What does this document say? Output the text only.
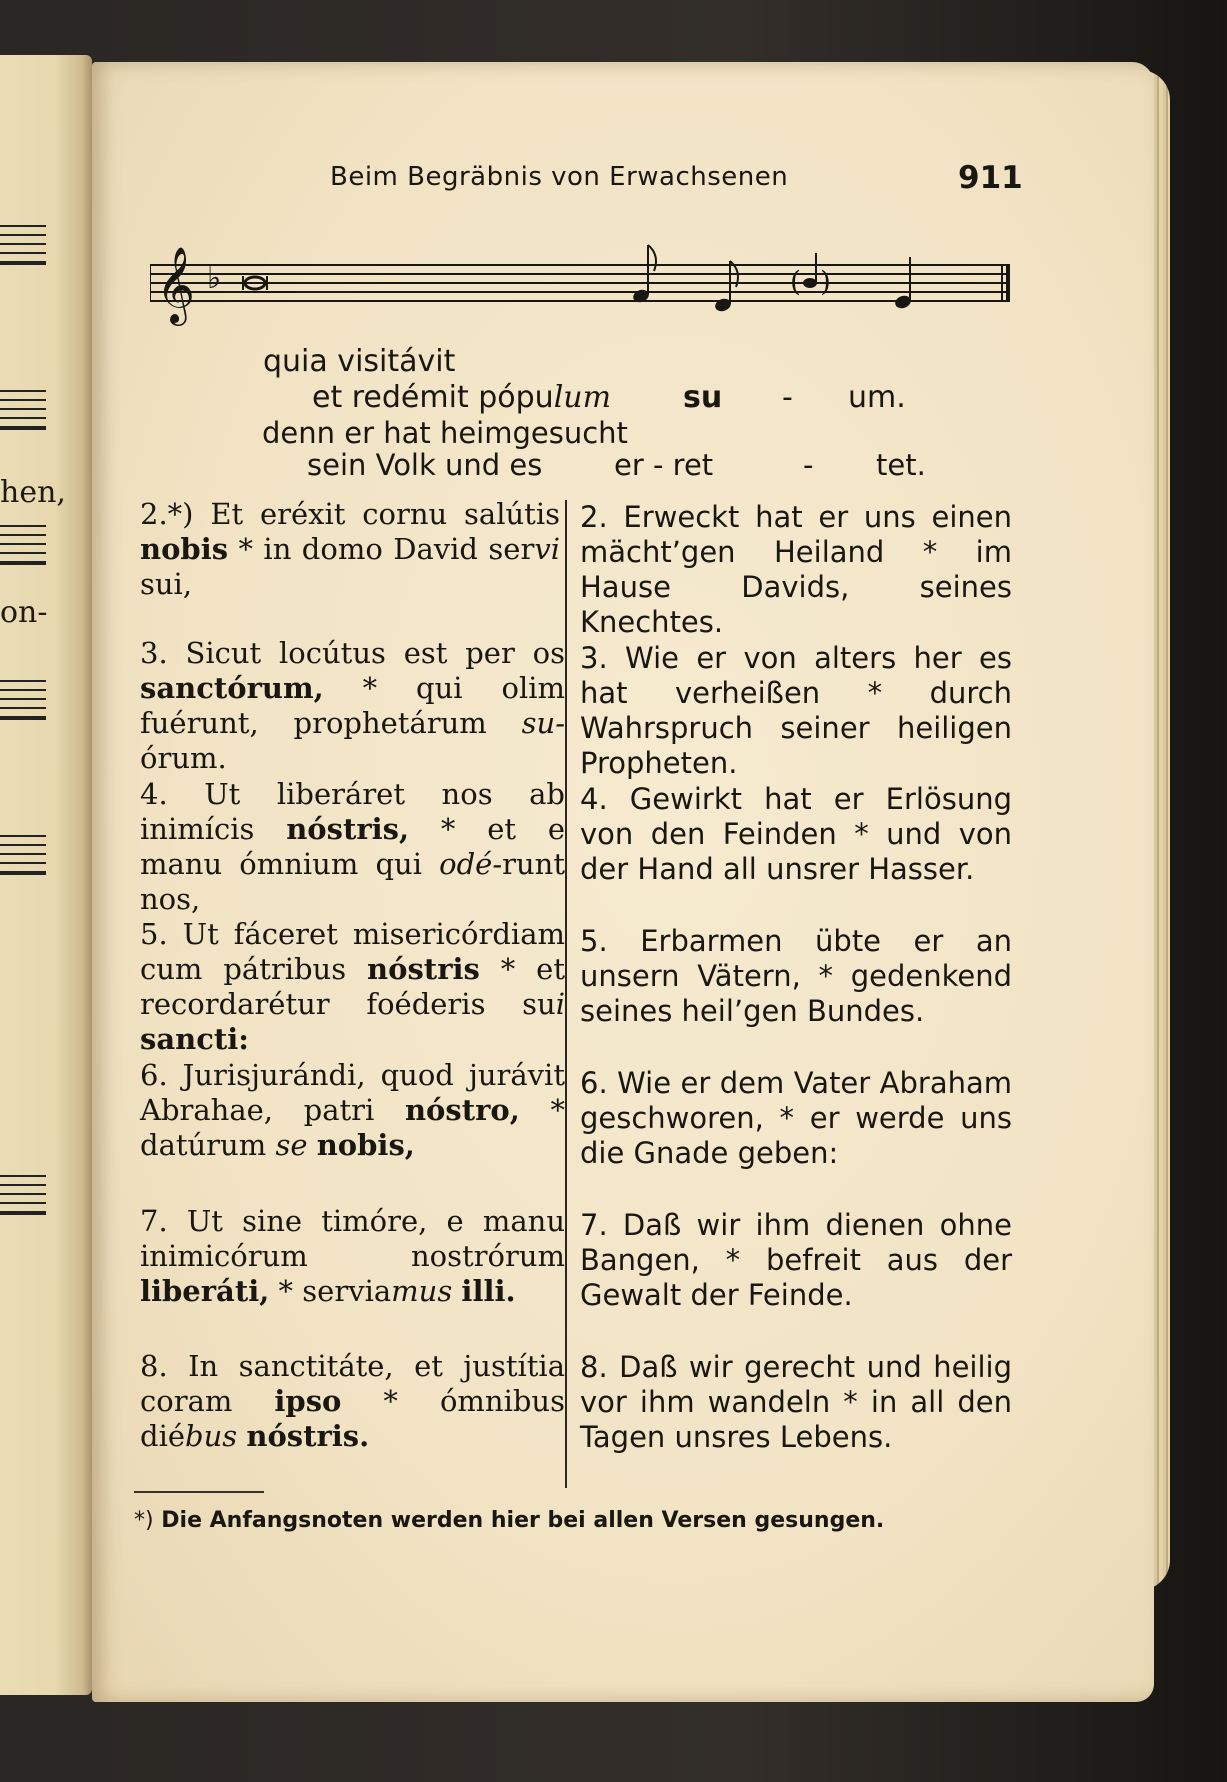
hen,
on-
Beim Begräbnis von Erwachsenen	911
𝄞 ♭	( )
quia visitávit
et redémit pópulum su - um.
denn er hat heimgesucht
sein Volk und es er - ret	- tet.

2.*) Et eréxit cornu salútis nobis * in domo David servi sui,

3. Sicut locútus est per os sanctórum, * qui olim fuérunt, prophetárum su-órum.

4. Ut liberáret nos ab inimícis nóstris, * et e manu ómnium qui odé-runt nos,

5. Ut fáceret misericórdiam cum pátribus nóstris * et recordarétur foéderis sui sancti:

6. Jurisjurándi, quod jurávit Abrahae, patri nóstro, * datúrum se nobis,

7. Ut sine timóre, e manu inimicórum nostrórum liberáti, * serviamus illi.

8. In sanctitáte, et justítia coram ipso * ómnibus diébus nóstris.

2. Erweckt hat er uns einen mächt’gen Heiland * im Hause Davids, seines Knechtes.

3. Wie er von alters her es hat verheißen * durch Wahrspruch seiner heiligen Propheten.

4. Gewirkt hat er Erlösung von den Feinden * und von der Hand all unsrer Hasser.

5. Erbarmen übte er an unsern Vätern, * gedenkend seines heil’gen Bundes.

6. Wie er dem Vater Abraham geschworen, * er werde uns die Gnade geben:

7. Daß wir ihm dienen ohne Bangen, * befreit aus der Gewalt der Feinde.

8. Daß wir gerecht und heilig vor ihm wandeln * in all den Tagen unsres Lebens.

*) Die Anfangsnoten werden hier bei allen Versen gesungen.
